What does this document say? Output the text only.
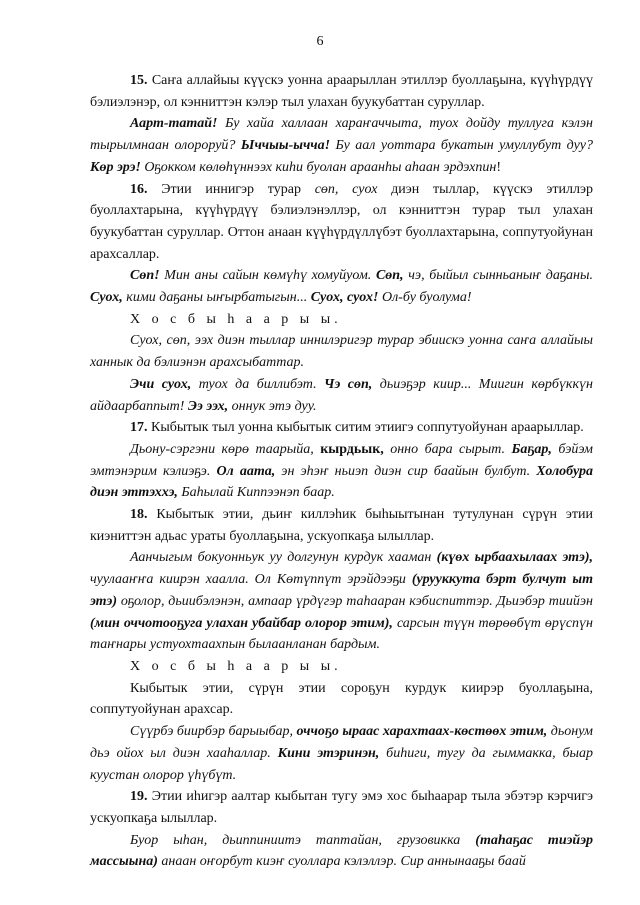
6

15. Саҥа аллайыы күүскэ уонна араарыллан этиллэр буоллаҕына, күүһүрдүү бэлиэлэнэр, ол кэнниттэн кэлэр тыл улахан буукубаттан суруллар.

Аарт-татай! Бу хайа халлаан хараҥаччыта, туох дойду туллуга кэлэн тырылмнаан олороруй? Ыччыы-ычча! Бу аал уоттара букатын умуллубут дуу? Көр эрэ! Оҕокком көлөһүннээх киһи буолан араанһы аһаан эрдэхпин!

16. Этии иннигэр турар сөп, суох диэн тыллар, күүскэ этиллэр буоллахтарына, күүһүрдүү бэлиэлэнэллэр, ол кэнниттэн турар тыл улахан буукубаттан суруллар. Оттон анаан күүһүрдүллүбэт буоллахтарына, соппутуойунан арахсаллар.

Сөп! Мин аны сайын көмүһү хомуйуом. Сөп, чэ, быйыл сынньаныҥ даҕаны. Суох, кими даҕаны ыҥырбатыгын... Суох, суох! Ол-бу буолума!

Х о с б ы һ а а р ы ы.

Суох, сөп, ээх диэн тыллар иннилэригэр турар эбиискэ уонна саҥа аллайыы ханнык да бэлиэнэн арахсыбаттар.

Эчи суох, туох да биллибэт. Чэ сөп, дьиэҕэр киир... Миигин көрбүккүн айдаарбаппыт! Ээ ээх, оннук этэ дуу.

17. Кыбытык тыл уонна кыбытык ситим этиигэ соппутуойунан араарыллар.

Дьону-сэргэни көрө таарыйа, кырдьык, онно бара сырыт. Баҕар, бэйэм эмтэнэрим кэлиэҕэ. Ол аата, эн эһэҥ ньиэп диэн сир баайын булбут. Холобура диэн эттэххэ, Баһылай Киппээнэп баар.

18. Кыбытык этии, дьиҥ киллэһик быһыытынан тутулунан сүрүн этии киэниттэн адьас ураты буоллаҕына, ускуопкаҕа ылыллар.

Аанчыгым бокуонньук уу долгунун курдук хааман (күөх ырбаахылаах этэ), чуулааҥҥа киирэн хаалла. Ол Көтүппүт эрэйдээҕи (урууккута бэрт булчут ыт этэ) оҕолор, дьиибэлэнэн, ампаар үрдүгэр таһааран кэбиспиттэр. Дьиэбэр тиийэн (мин оччотооҕуга улахан убайбар олорор этим), сарсын түүн төрөөбүт өрүспүн таҥнары устуохтаахпын былаанланан бардым.

Х о с б ы һ а а р ы ы.

Кыбытык этии, сүрүн этии сороҕун курдук киирэр буоллаҕына, соппутуойунан арахсар.

Сүүрбэ биирбэр барыыбар, оччоҕо ыраас харахтаах-көстөөх этим, дьонум дьэ ойох ыл диэн хааһаллар. Кини этэринэн, биһиги, тугу да гыммакка, быар куустан олорор үһүбүт.

19. Этии иһигэр аалтар кыбытан тугу эмэ хос быһаарар тыла эбэтэр кэрчигэ ускуопкаҕа ылыллар.

Буор ыһан, дьиппиниитэ таптайан, грузовикка (таһаҕас тиэйэр массыына) анаан оҥорбут киэҥ суоллара кэлэллэр. Сир аннынааҕы баай
